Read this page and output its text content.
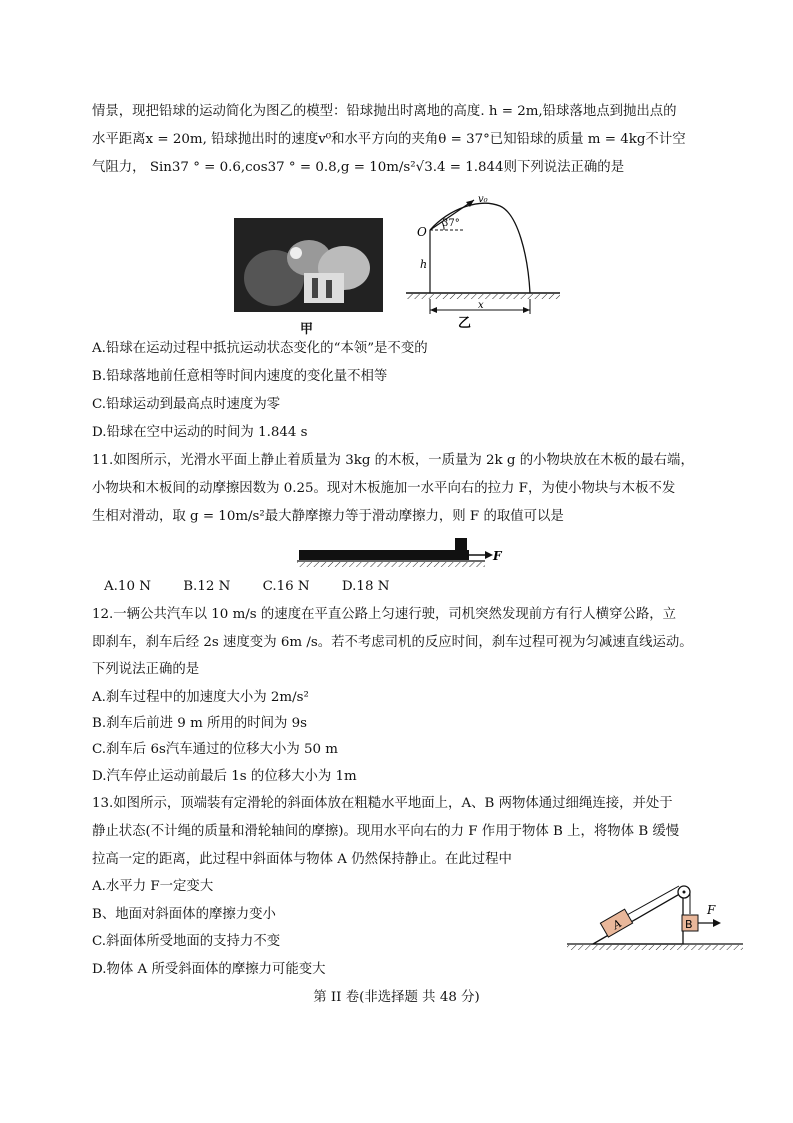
情景，现把铅球的运动简化为图乙的模型：铅球抛出时离地的高度. h = 2m,铅球落地点到抛出点的
水平距离x = 20m, 铅球抛出时的速度v⁰和水平方向的夹角θ = 37°已知铅球的质量 m = 4kg不计空
气阻力， Sin37 ° = 0.6,cos37 ° = 0.8,g = 10m/s²√3.4 = 1.844则下列说法正确的是
甲
v₀
37°
O
h
x
乙
A.铅球在运动过程中抵抗运动状态变化的“本领”是不变的
B.铅球落地前任意相等时间内速度的变化量不相等
C.铅球运动到最高点时速度为零
D.铅球在空中运动的时间为 1.844 s
11.如图所示，光滑水平面上静止着质量为 3kg 的木板，一质量为 2k g 的小物块放在木板的最右端，
小物块和木板间的动摩擦因数为 0.25。现对木板施加一水平向右的拉力 F，为使小物块与木板不发
生相对滑动，取 g = 10m/s²最大静摩擦力等于滑动摩擦力，则 F 的取值可以是
F
A.10 N B.12 N C.16 N D.18 N
12.一辆公共汽车以 10 m/s 的速度在平直公路上匀速行驶，司机突然发现前方有行人横穿公路，立
即刹车，刹车后经 2s 速度变为 6m /s。若不考虑司机的反应时间，刹车过程可视为匀减速直线运动。
下列说法正确的是
A.刹车过程中的加速度大小为 2m/s²
B.刹车后前进 9 m 所用的时间为 9s
C.刹车后 6s汽车通过的位移大小为 50 m
D.汽车停止运动前最后 1s 的位移大小为 1m
13.如图所示，顶端装有定滑轮的斜面体放在粗糙水平地面上，A、B 两物体通过细绳连接，并处于
静止状态(不计绳的质量和滑轮轴间的摩擦)。现用水平向右的力 F 作用于物体 B 上，将物体 B 缓慢
拉高一定的距离，此过程中斜面体与物体 A 仍然保持静止。在此过程中
A.水平力 F一定变大
B、地面对斜面体的摩擦力变小
C.斜面体所受地面的支持力不变
D.物体 A 所受斜面体的摩擦力可能变大
A	B
F
第 II 卷(非选择题 共 48 分)
